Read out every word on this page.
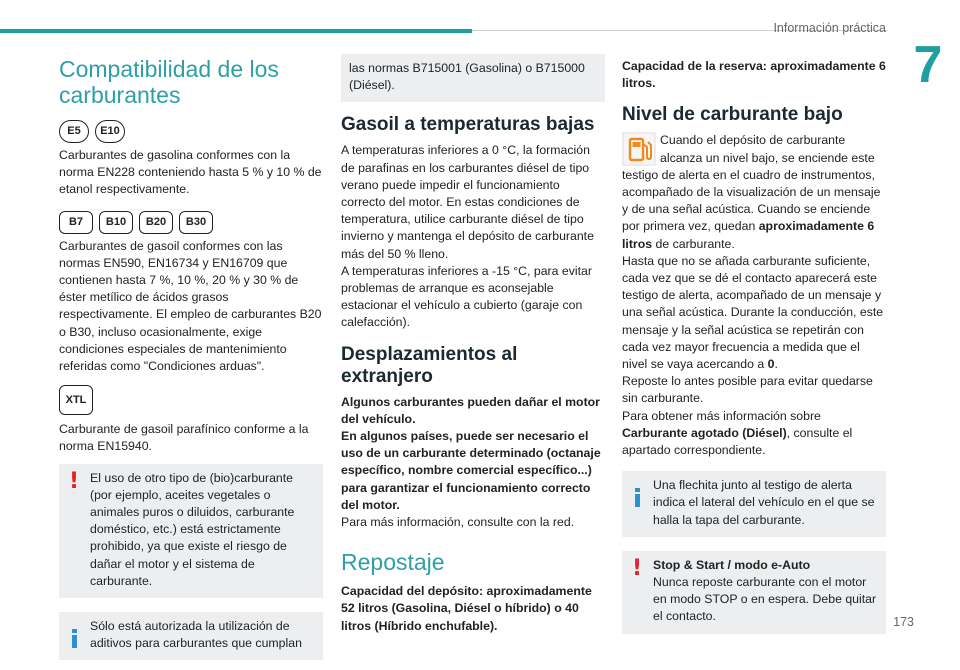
Información práctica
7
173
Compatibilidad de los carburantes
E5	E10

Carburantes de gasolina conformes con la norma EN228 conteniendo hasta 5 % y 10 % de etanol respectivamente.

B7	B10	B20	B30

Carburantes de gasoil conformes con las normas EN590, EN16734 y EN16709 que contienen hasta 7 %, 10 %, 20 % y 30 % de éster metílico de ácidos grasos respectivamente. El empleo de carburantes B20 o B30, incluso ocasionalmente, exige condiciones especiales de mantenimiento referidas como "Condiciones arduas".

XTL

Carburante de gasoil parafínico conforme a la norma EN15940.

! El uso de otro tipo de (bio)carburante (por ejemplo, aceites vegetales o animales puros o diluidos, carburante doméstico, etc.) está estrictamente prohibido, ya que existe el riesgo de dañar el motor y el sistema de carburante.
Sólo está autorizada la utilización de aditivos para carburantes que cumplan
las normas B715001 (Gasolina) o B715000 (Diésel).
Gasoil a temperaturas bajas

A temperaturas inferiores a 0 °C, la formación de parafinas en los carburantes diésel de tipo verano puede impedir el funcionamiento correcto del motor. En estas condiciones de temperatura, utilice carburante diésel de tipo invierno y mantenga el depósito de carburante más del 50 % lleno.

A temperaturas inferiores a -15 °C, para evitar problemas de arranque es aconsejable estacionar el vehículo a cubierto (garaje con calefacción).

Desplazamientos al extranjero

Algunos carburantes pueden dañar el motor del vehículo.
En algunos países, puede ser necesario el uso de un carburante determinado (octanaje específico, nombre comercial específico...) para garantizar el funcionamiento correcto del motor.

Para más información, consulte con la red.

Repostaje

Capacidad del depósito: aproximadamente 52 litros (Gasolina, Diésel o híbrido) o 40 litros (Híbrido enchufable).

Capacidad de la reserva: aproximadamente 6 litros.

Nivel de carburante bajo

Cuando el depósito de carburante alcanza un nivel bajo, se enciende este testigo de alerta en el cuadro de instrumentos, acompañado de la visualización de un mensaje y de una señal acústica. Cuando se enciende por primera vez, quedan aproximadamente 6 litros de carburante.

Hasta que no se añada carburante suficiente, cada vez que se dé el contacto aparecerá este testigo de alerta, acompañado de un mensaje y una señal acústica. Durante la conducción, este mensaje y la señal acústica se repetirán con cada vez mayor frecuencia a medida que el nivel se vaya acercando a 0.

Reposte lo antes posible para evitar quedarse sin carburante.

Para obtener más información sobre Carburante agotado (Diésel), consulte el apartado correspondiente.

Una flechita junto al testigo de alerta indica el lateral del vehículo en el que se halla la tapa del carburante.
! Stop & Start / modo e-Auto
Nunca reposte carburante con el motor en modo STOP o en espera. Debe quitar el contacto.
